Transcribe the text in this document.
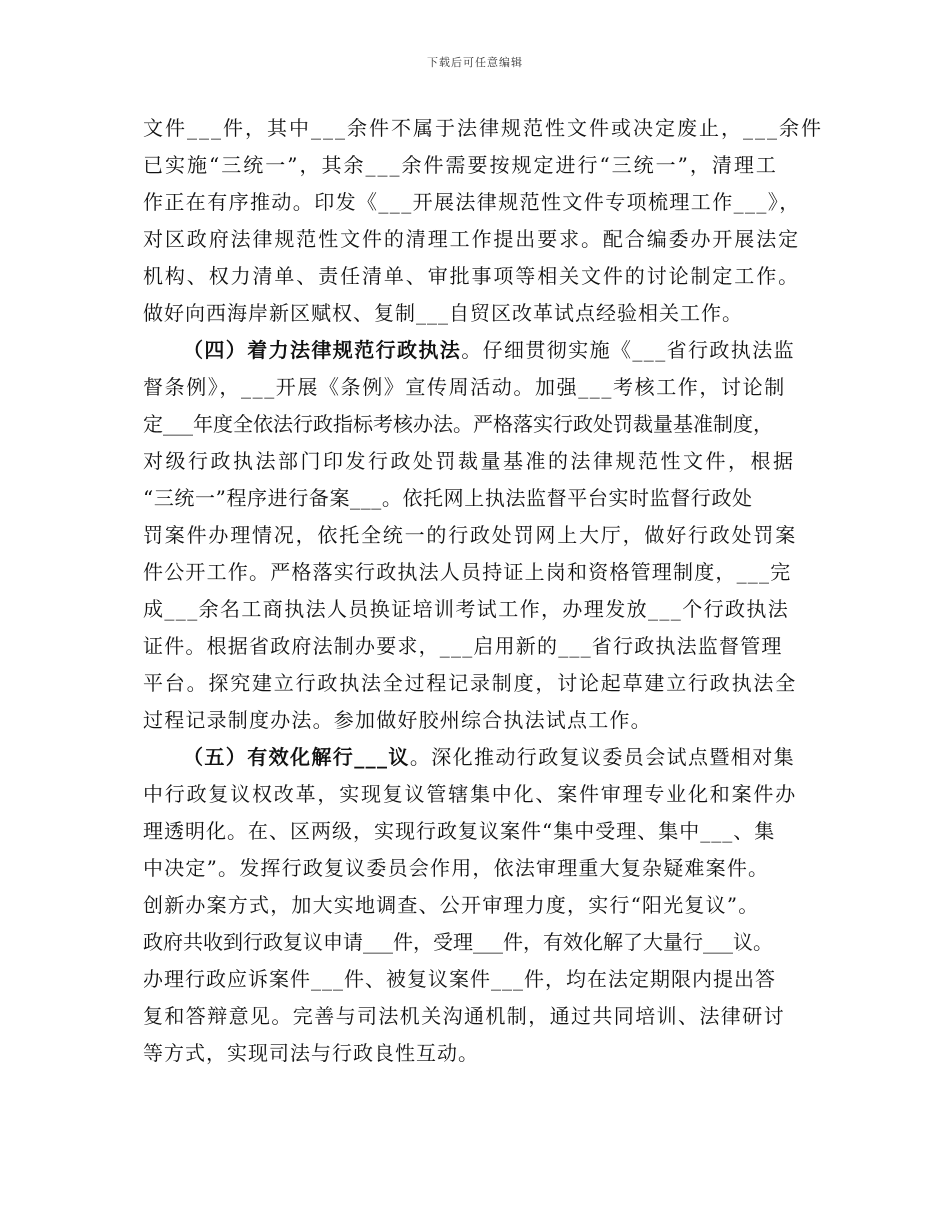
下载后可任意编辑
文件___件，其中___余件不属于法律规范性文件或决定废止，___余件
已实施“三统一”，其余___余件需要按规定进行“三统一”，清理工
作正在有序推动。印发《___开展法律规范性文件专项梳理工作___》，
对区政府法律规范性文件的清理工作提出要求。配合编委办开展法定
机构、权力清单、责任清单、审批事项等相关文件的讨论制定工作。
做好向西海岸新区赋权、复制___自贸区改革试点经验相关工作。
（四）着力法律规范行政执法。仔细贯彻实施《___省行政执法监
督条例》，___开展《条例》宣传周活动。加强___考核工作，讨论制
定___年度全依法行政指标考核办法。严格落实行政处罚裁量基准制度，
对级行政执法部门印发行政处罚裁量基准的法律规范性文件，根据
“三统一”程序进行备案___。依托网上执法监督平台实时监督行政处
罚案件办理情况，依托全统一的行政处罚网上大厅，做好行政处罚案
件公开工作。严格落实行政执法人员持证上岗和资格管理制度，___完
成___余名工商执法人员换证培训考试工作，办理发放___个行政执法
证件。根据省政府法制办要求，___启用新的___省行政执法监督管理
平台。探究建立行政执法全过程记录制度，讨论起草建立行政执法全
过程记录制度办法。参加做好胶州综合执法试点工作。
（五）有效化解行___议。深化推动行政复议委员会试点暨相对集
中行政复议权改革，实现复议管辖集中化、案件审理专业化和案件办
理透明化。在、区两级，实现行政复议案件“集中受理、集中___、集
中决定”。发挥行政复议委员会作用，依法审理重大复杂疑难案件。
创新办案方式，加大实地调查、公开审理力度，实行“阳光复议”。
政府共收到行政复议申请___件，受理___件，有效化解了大量行___议。
办理行政应诉案件___件、被复议案件___件，均在法定期限内提出答
复和答辩意见。完善与司法机关沟通机制，通过共同培训、法律研讨
等方式，实现司法与行政良性互动。
